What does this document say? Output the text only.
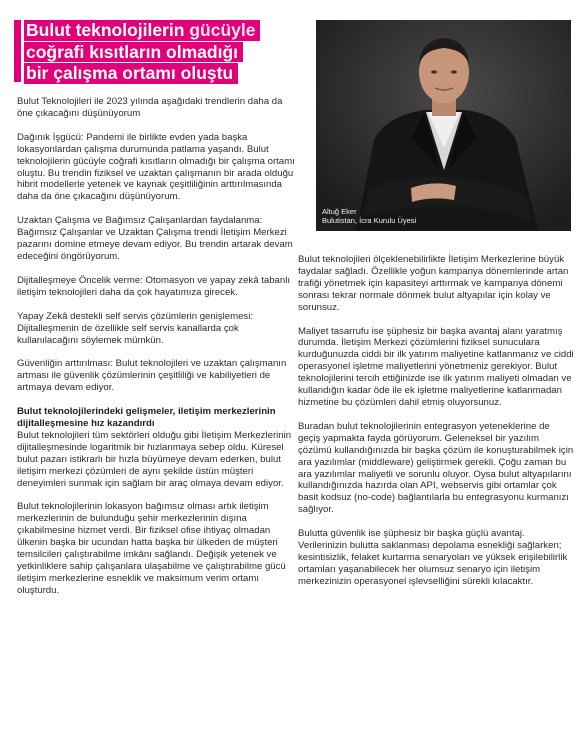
Bulut teknolojilerin gücüyle
coğrafi kısıtların olmadığı
bir çalışma ortamı oluştu
Altuğ Eker
Bulutistan, İcra Kurulu Üyesi

Bulut Teknolojileri ile 2023 yılında aşağıdaki trendlerin daha da öne çıkacağını düşünüyorum

Dağınık İşgücü: Pandemi ile birlikte evden yada başka lokasyonlardan çalışma durumunda patlama yaşandı. Bulut teknolojilerin gücüyle coğrafi kısıtların olmadığı bir çalışma ortamı oluştu. Bu trendin fiziksel ve uzaktan çalışmanın bir arada olduğu hibrit modellerle yetenek ve kaynak çeşitliliğinin arttırılmasında daha da öne çıkacağını düşünüyorum.

Uzaktan Çalışma ve Bağımsız Çalışanlardan faydalanma: Bağımsız Çalışanlar ve Uzaktan Çalışma trendi İletişim Merkezi pazarını domine etmeye devam ediyor. Bu trendin artarak devam edeceğini öngörüyorum.

Dijitalleşmeye Öncelik verme: Otomasyon ve yapay zekâ tabanlı iletişim teknolojileri daha da çok hayatımıza girecek.

Yapay Zekâ destekli self servis çözümlerin genişlemesi: Dijitalleşmenin de özellikle self servis kanallarda çok kullanılacağını söylemek mümkün.

Güvenliğin arttırılması: Bulut teknolojileri ve uzaktan çalışmanın artması ile güvenlik çözümlerinin çeşitliliği ve kabiliyetleri de artmaya devam ediyor.

Bulut teknolojilerindeki gelişmeler, iletişim merkezlerinin dijitalleşmesine hız kazandırdı

Bulut teknolojileri tüm sektörleri olduğu gibi İletişim Merkezlerinin dijitalleşmesinde logaritmik bir hızlanmaya sebep oldu. Küresel bulut pazarı istikrarlı bir hızla büyümeye devam ederken, bulut iletişim merkezi çözümleri de aynı şekilde üstün müşteri deneyimleri sunmak için sağlam bir araç olmaya devam ediyor.

Bulut teknolojilerinin lokasyon bağımsız olması artık iletişim merkezlerinin de bulunduğu şehir merkezlerinin dışına çıkabilmesine hizmet verdi. Bir fiziksel ofise ihtiyaç olmadan ülkenin başka bir ucundan hatta başka bir ülkeden de müşteri temsilcileri çalıştırabilme imkânı sağlandı. Değişik yetenek ve yetkinliklere sahip çalışanlara ulaşabilme ve çalıştırabilme gücü iletişim merkezlerine esneklik ve maksimum verim ortamı oluşturdu.

Bulut teknolojileri ölçeklenebilirlikte İletişim Merkezlerine büyük faydalar sağladı. Özellikle yoğun kampanya dönemlerinde artan trafiği yönetmek için kapasiteyi arttırmak ve kampanya dönemi sonrası tekrar normale dönmek bulut altyapılar için kolay ve sorunsuz.

Maliyet tasarrufu ise şüphesiz bir başka avantaj alanı yaratmış durumda. İletişim Merkezi çözümlerini fiziksel sunuculara kurduğunuzda ciddi bir ilk yatırım maliyetine katlanmanız ve ciddi operasyonel işletme maliyetlerini yönetmeniz gerekiyor. Bulut teknolojilerini tercih ettiğinizde ise ilk yatırım maliyeti olmadan ve kullandığın kadar öde ile ek işletme maliyetlerine katlanmadan hizmetine bu çözümleri dahil etmiş oluyorsunuz.

Buradan bulut teknolojilerinin entegrasyon yeteneklerine de geçiş yapmakta fayda görüyorum. Geleneksel bir yazılım çözümü kullandığınızda bir başka çözüm ile konuşturabilmek için ara yazılımlar (middleware) geliştirmek gerekli. Çoğu zaman bu ara yazılımlar maliyetli ve sorunlu oluyor. Oysa bulut altyapılarını kullandığınızda hazırda olan API, webservis gibi ortamlar çok basit kodsuz (no-code) bağlantılarla bu entegrasyonu kurmanızı sağlıyor.

Bulutta güvenlik ise şüphesiz bir başka güçlü avantaj. Verilerinizin bulutta saklanması depolama esnekliği sağlarken; kesintisizlik, felaket kurtarma senaryoları ve yüksek erişilebilirlik ortamları yaşanabilecek her olumsuz senaryo için iletişim merkezinizin operasyonel işlevselliğini sürekli kılacaktır.
